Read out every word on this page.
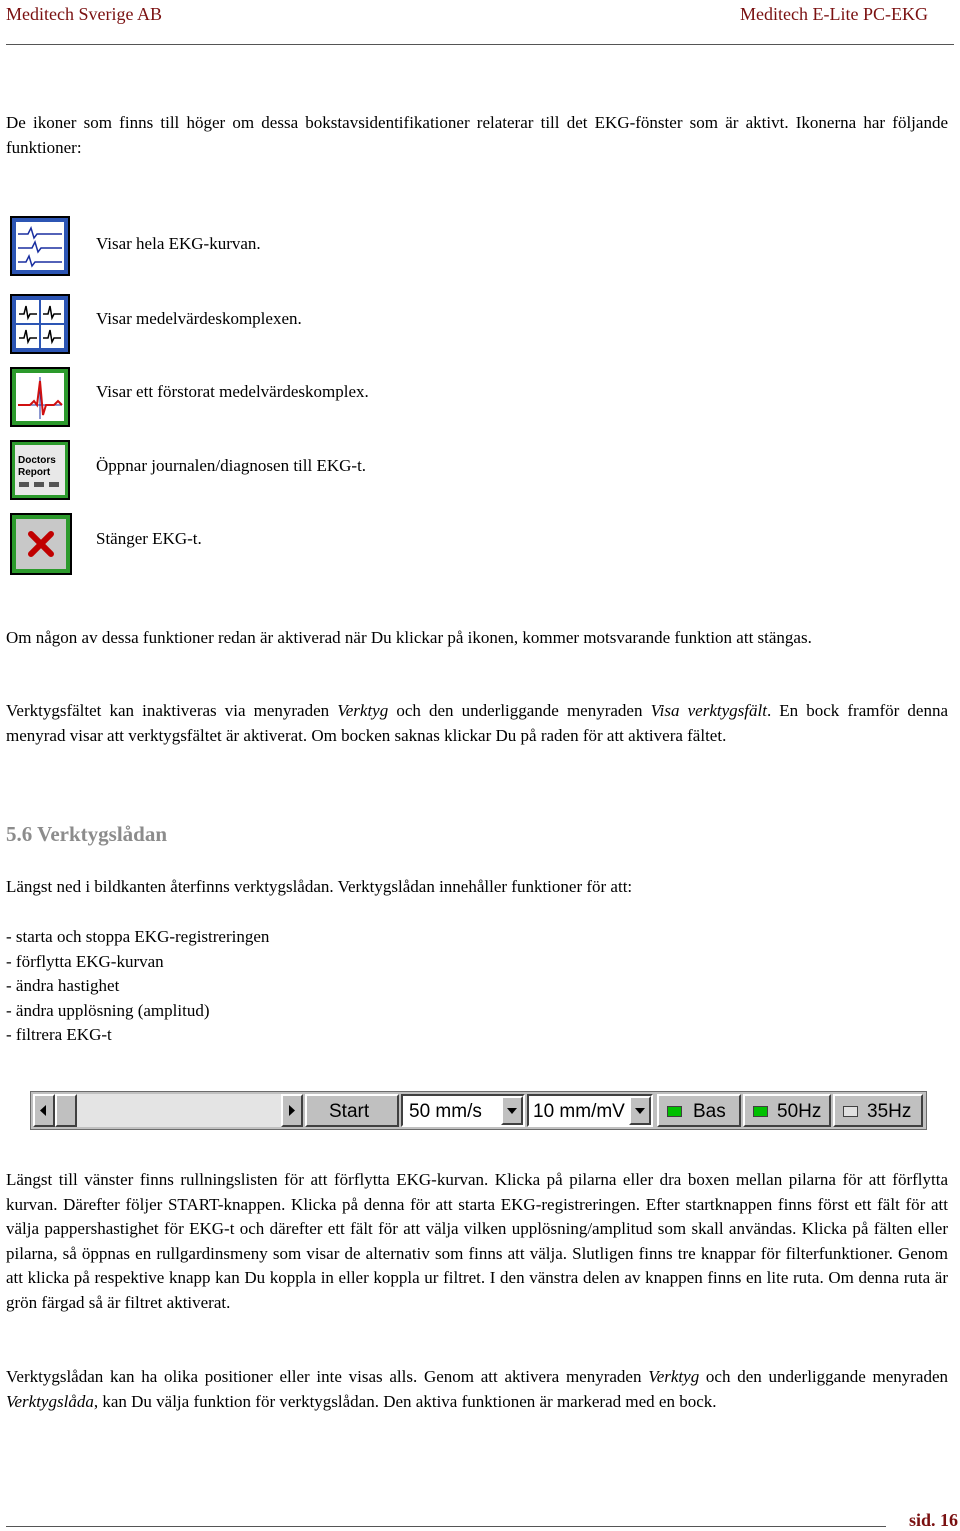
Meditech Sverige AB	Meditech E-Lite PC-EKG

De ikoner som finns till höger om dessa bokstavsidentifikationer relaterar till det EKG-fönster som är aktivt. Ikonerna har följande funktioner:

Visar hela EKG-kurvan.
Visar medelvärdeskomplexen.
Visar ett förstorat medelvärdeskomplex.
Doctors
Report	Öppnar journalen/diagnosen till EKG-t.
Stänger EKG-t.

Om någon av dessa funktioner redan är aktiverad när Du klickar på ikonen, kommer motsvarande funktion att stängas.

Verktygsfältet kan inaktiveras via menyraden Verktyg och den underliggande menyraden Visa verktygsfält. En bock framför denna menyrad visar att verktygsfältet är aktiverat. Om bocken saknas klickar Du på raden för att aktivera fältet.

5.6 Verktygslådan

Längst ned i bildkanten återfinns verktygslådan. Verktygslådan innehåller funktioner för att:

- starta och stoppa EKG-registreringen
- förflytta EKG-kurvan
- ändra hastighet
- ändra upplösning (amplitud)
- filtrera EKG-t
Start 50 mm/s	10 mm/mV	Bas	50Hz 35Hz

Längst till vänster finns rullningslisten för att förflytta EKG-kurvan. Klicka på pilarna eller dra boxen mellan pilarna för att förflytta kurvan. Därefter följer START-knappen. Klicka på denna för att starta EKG-registreringen. Efter startknappen finns först ett fält för att välja pappershastighet för EKG-t och därefter ett fält för att välja vilken upplösning/amplitud som skall användas. Klicka på fälten eller pilarna, så öppnas en rullgardinsmeny som visar de alternativ som finns att välja. Slutligen finns tre knappar för filterfunktioner. Genom att klicka på respektive knapp kan Du koppla in eller koppla ur filtret. I den vänstra delen av knappen finns en lite ruta. Om denna ruta är grön färgad så är filtret aktiverat.

Verktygslådan kan ha olika positioner eller inte visas alls. Genom att aktivera menyraden Verktyg och den underliggande menyraden Verktygslåda, kan Du välja funktion för verktygslådan. Den aktiva funktionen är markerad med en bock.

sid. 16
